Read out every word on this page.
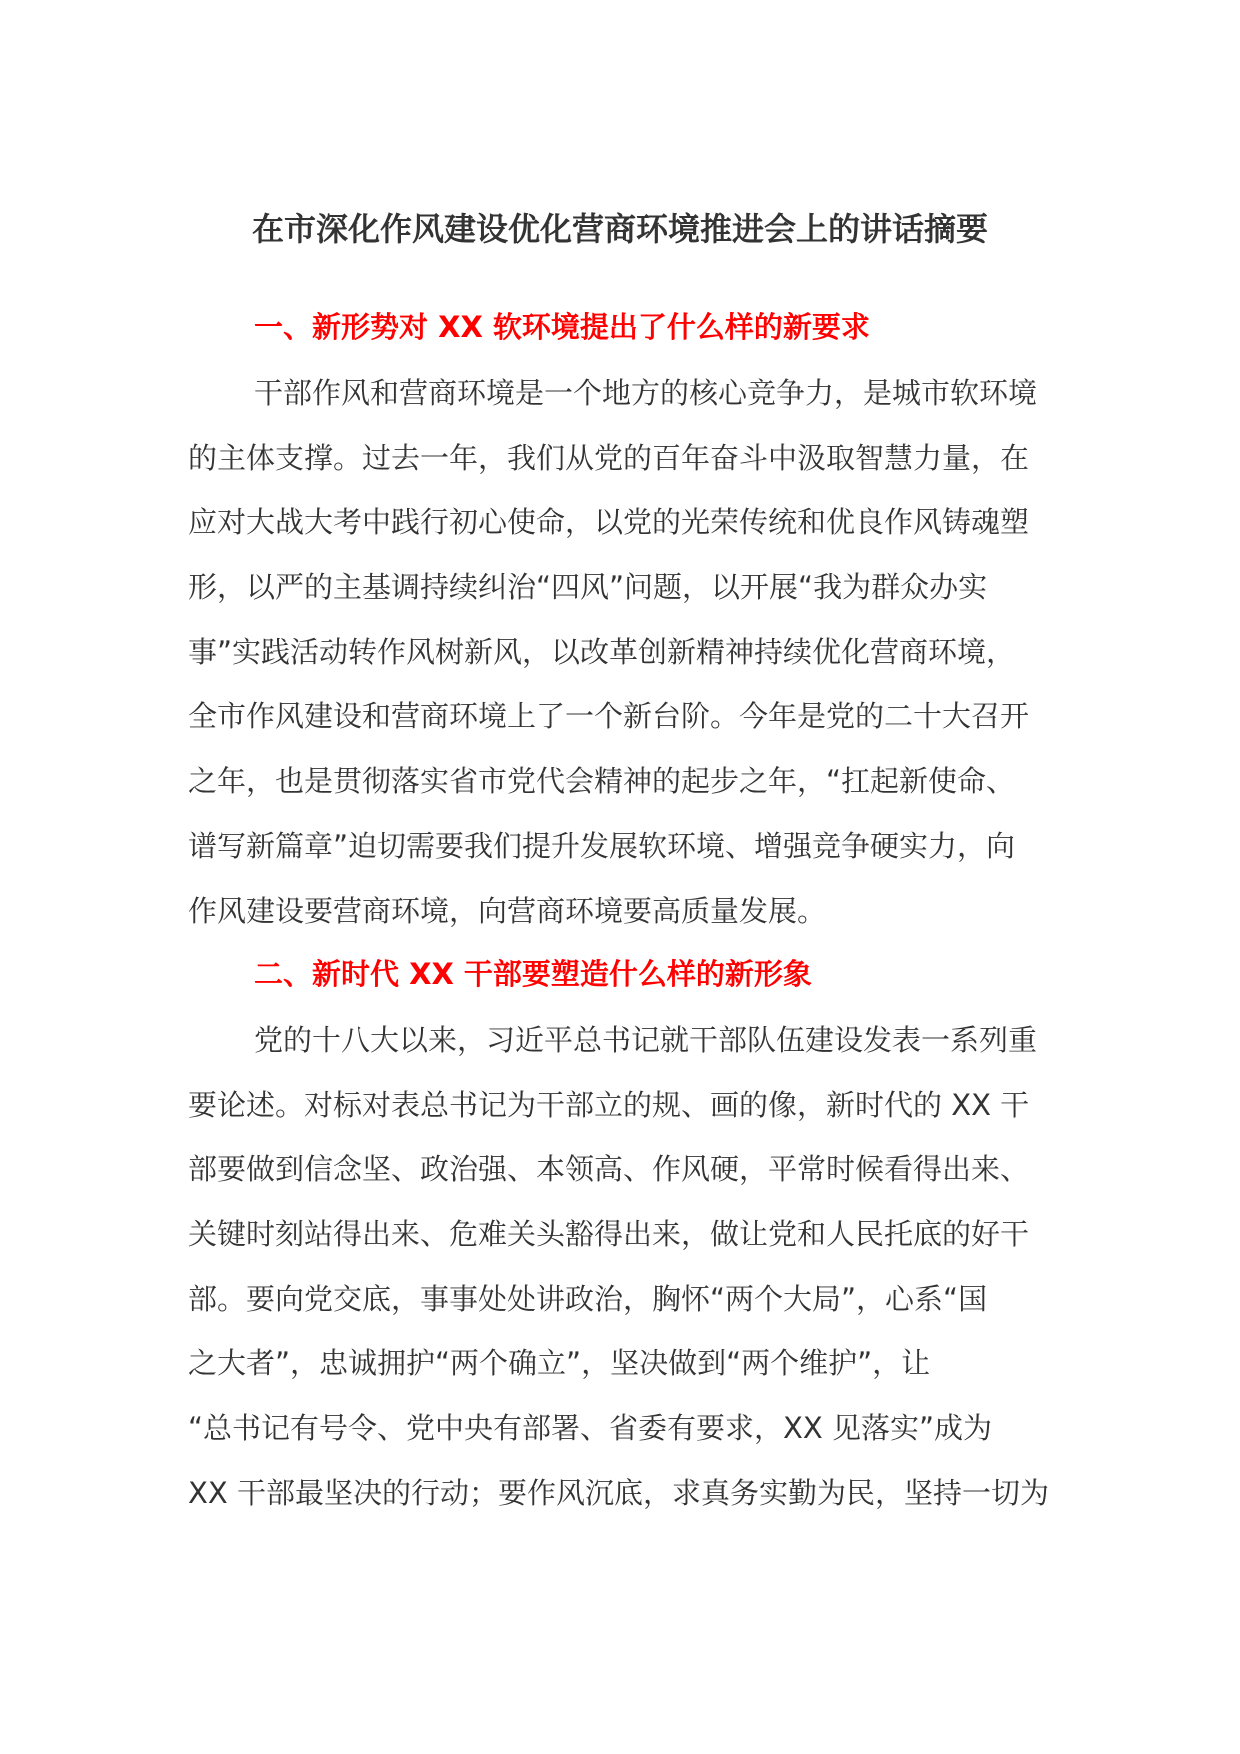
在市深化作风建设优化营商环境推进会上的讲话摘要
一、新形势对 XX 软环境提出了什么样的新要求
干部作风和营商环境是一个地方的核心竞争力，是城市软环境
的主体支撑。过去一年，我们从党的百年奋斗中汲取智慧力量，在
应对大战大考中践行初心使命，以党的光荣传统和优良作风铸魂塑
形，以严的主基调持续纠治“四风”问题，以开展“我为群众办实
事”实践活动转作风树新风，以改革创新精神持续优化营商环境，
全市作风建设和营商环境上了一个新台阶。今年是党的二十大召开
之年，也是贯彻落实省市党代会精神的起步之年，“扛起新使命、
谱写新篇章”迫切需要我们提升发展软环境、增强竞争硬实力，向
作风建设要营商环境，向营商环境要高质量发展。
二、新时代 XX 干部要塑造什么样的新形象
党的十八大以来，习近平总书记就干部队伍建设发表一系列重
要论述。对标对表总书记为干部立的规、画的像，新时代的 XX 干
部要做到信念坚、政治强、本领高、作风硬，平常时候看得出来、
关键时刻站得出来、危难关头豁得出来，做让党和人民托底的好干
部。要向党交底，事事处处讲政治，胸怀“两个大局”，心系“国
之大者”，忠诚拥护“两个确立”，坚决做到“两个维护”，让
“总书记有号令、党中央有部署、省委有要求，XX 见落实”成为
XX 干部最坚决的行动；要作风沉底，求真务实勤为民，坚持一切为
